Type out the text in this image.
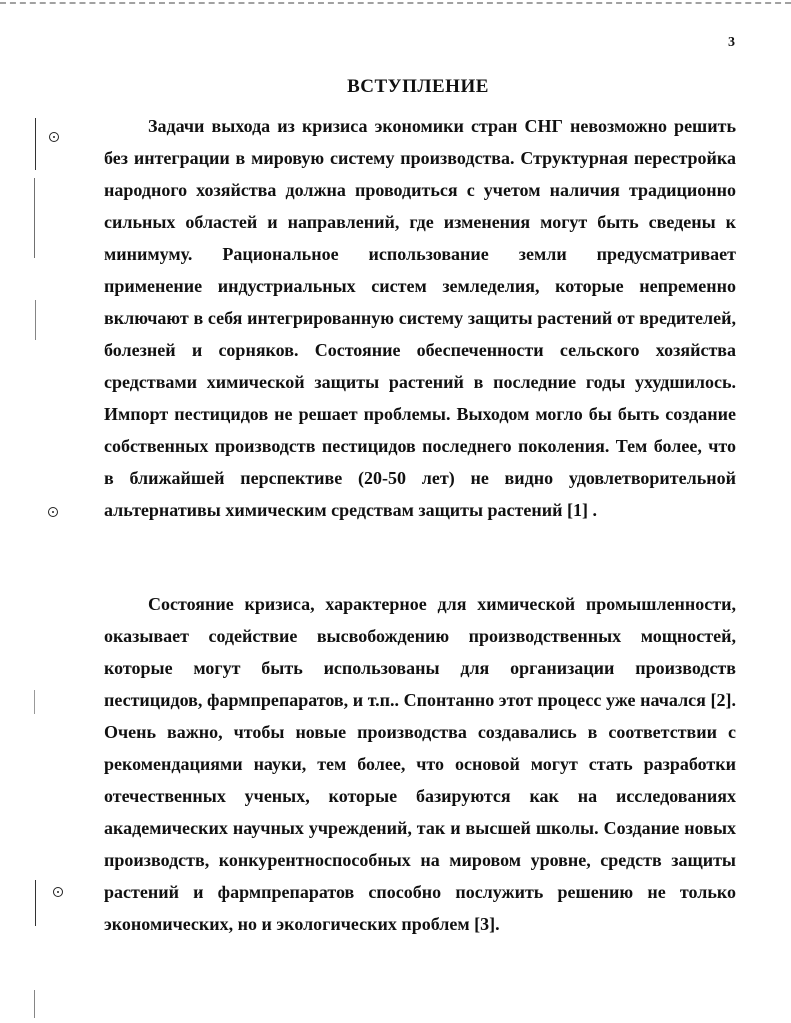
3
ВСТУПЛЕНИЕ

Задачи выхода из кризиса экономики стран СНГ невозможно решить без интеграции в мировую систему производства. Структурная перестройка народного хозяйства должна проводиться с учетом наличия традиционно сильных областей и направлений, где изменения могут быть сведены к минимуму. Рациональное использование земли предусматривает применение индустриальных систем земледелия, которые непременно включают в себя интегрированную систему защиты растений от вредителей, болезней и сорняков. Состояние обеспеченности сельского хозяйства средствами химической защиты растений в последние годы ухудшилось. Импорт пестицидов не решает проблемы. Выходом могло бы быть создание собственных производств пестицидов последнего поколения. Тем более, что в ближайшей перспективе (20-50 лет) не видно удовлетворительной альтернативы химическим средствам защиты растений [1] .

Состояние кризиса, характерное для химической промышленности, оказывает содействие высвобождению производственных мощностей, которые могут быть использованы для организации производств пестицидов, фармпрепаратов, и т.п.. Спонтанно этот процесс уже начался [2]. Очень важно, чтобы новые производства создавались в соответствии с рекомендациями науки, тем более, что основой могут стать разработки отечественных ученых, которые базируются как на исследованиях академических научных учреждений, так и высшей школы. Создание новых производств, конкурентноспособных на мировом уровне, средств защиты растений и фармпрепаратов способно послужить решению не только экономических, но и экологических проблем [3].
